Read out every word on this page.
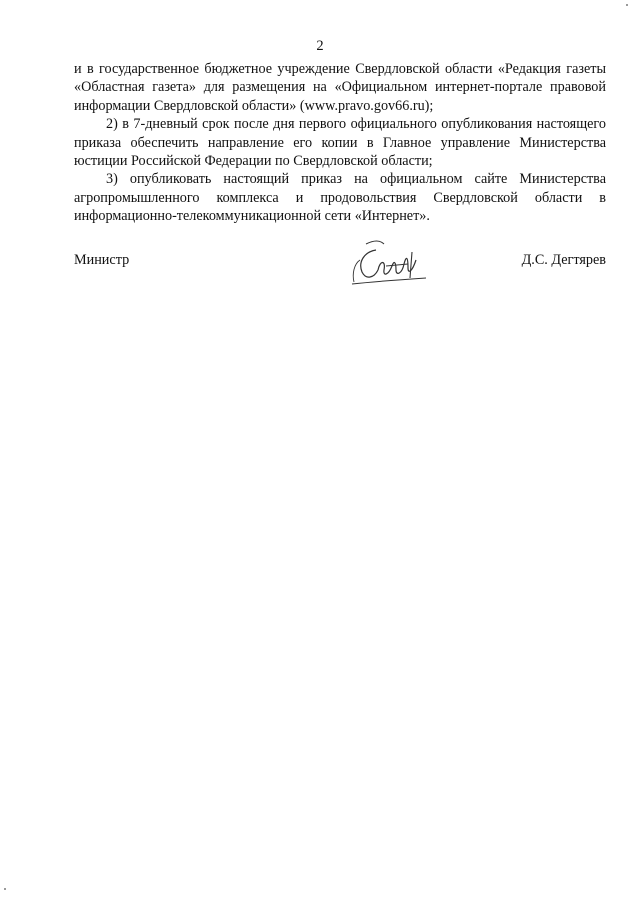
2

и в государственное бюджетное учреждение Свердловской области «Редакция газеты «Областная газета» для размещения на «Официальном интернет-портале правовой информации Свердловской области» (www.pravo.gov66.ru);

2) в 7-дневный срок после дня первого официального опубликования настоящего приказа обеспечить направление его копии в Главное управление Министерства юстиции Российской Федерации по Свердловской области;

3) опубликовать настоящий приказ на официальном сайте Министерства агропромышленного комплекса и продовольствия Свердловской области в информационно-телекоммуникационной сети «Интернет».

Министр	Д.С. Дегтярев
